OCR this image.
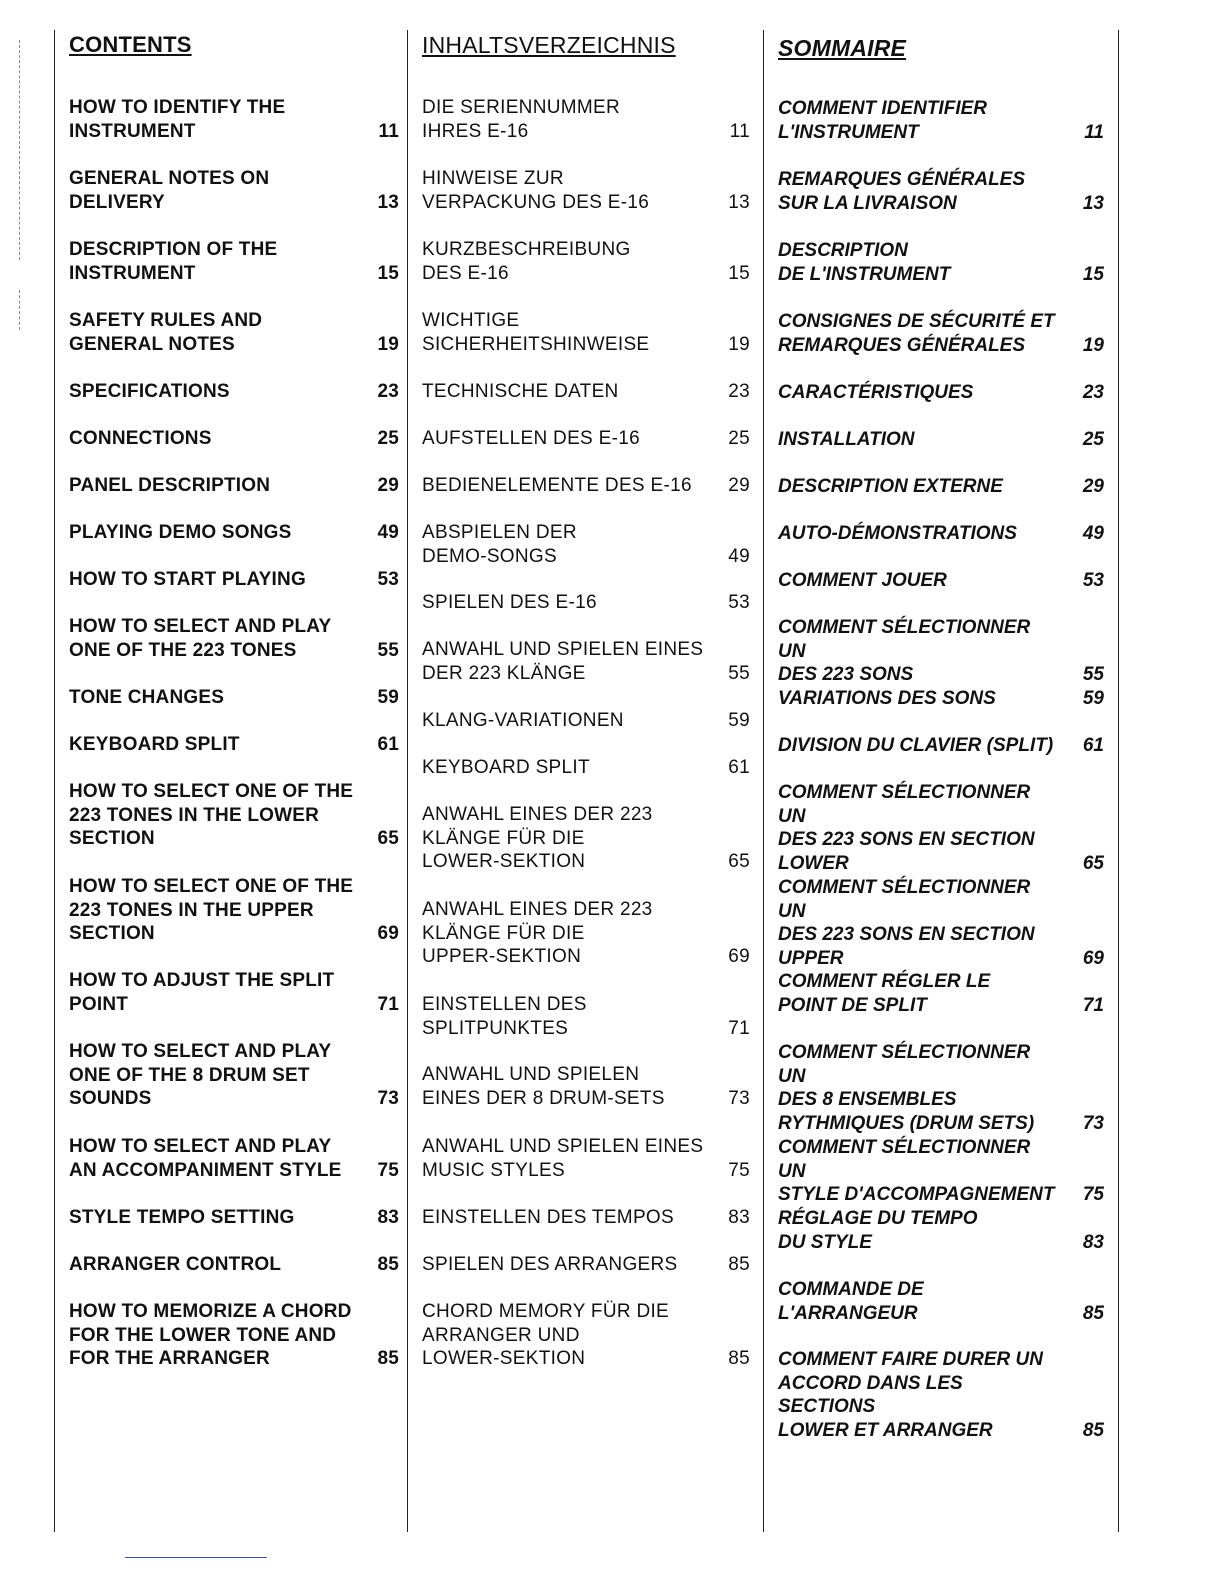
CONTENTS
HOW TO IDENTIFY THE
INSTRUMENT	11
GENERAL NOTES ON
DELIVERY	13
DESCRIPTION OF THE
INSTRUMENT	15
SAFETY RULES AND
GENERAL NOTES	19
SPECIFICATIONS	23
CONNECTIONS	25
PANEL DESCRIPTION	29
PLAYING DEMO SONGS	49
HOW TO START PLAYING	53
HOW TO SELECT AND PLAY
ONE OF THE 223 TONES	55
TONE CHANGES	59
KEYBOARD SPLIT	61
HOW TO SELECT ONE OF THE
223 TONES IN THE LOWER
SECTION	65
HOW TO SELECT ONE OF THE
223 TONES IN THE UPPER
SECTION	69
HOW TO ADJUST THE SPLIT
POINT	71
HOW TO SELECT AND PLAY
ONE OF THE 8 DRUM SET
SOUNDS	73
HOW TO SELECT AND PLAY
AN ACCOMPANIMENT STYLE	75
STYLE TEMPO SETTING	83
ARRANGER CONTROL	85
HOW TO MEMORIZE A CHORD
FOR THE LOWER TONE AND
FOR THE ARRANGER	85
INHALTSVERZEICHNIS
DIE SERIENNUMMER
IHRES E-16	11
HINWEISE ZUR
VERPACKUNG DES E-16	13
KURZBESCHREIBUNG
DES E-16	15
WICHTIGE
SICHERHEITSHINWEISE	19
TECHNISCHE DATEN	23
AUFSTELLEN DES E-16	25
BEDIENELEMENTE DES E-16	29
ABSPIELEN DER
DEMO-SONGS	49
SPIELEN DES E-16	53
ANWAHL UND SPIELEN EINES
DER 223 KLÄNGE	55
KLANG-VARIATIONEN	59
KEYBOARD SPLIT	61
ANWAHL EINES DER 223
KLÄNGE FÜR DIE
LOWER-SEKTION	65
ANWAHL EINES DER 223
KLÄNGE FÜR DIE
UPPER-SEKTION	69
EINSTELLEN DES
SPLITPUNKTES	71
ANWAHL UND SPIELEN
EINES DER 8 DRUM-SETS	73
ANWAHL UND SPIELEN EINES
MUSIC STYLES	75
EINSTELLEN DES TEMPOS	83
SPIELEN DES ARRANGERS	85
CHORD MEMORY FÜR DIE
ARRANGER UND
LOWER-SEKTION	85
SOMMAIRE
COMMENT IDENTIFIER
L'INSTRUMENT	11
REMARQUES GÉNÉRALES
SUR LA LIVRAISON	13
DESCRIPTION
DE L'INSTRUMENT	15
CONSIGNES DE SÉCURITÉ ET
REMARQUES GÉNÉRALES	19
CARACTÉRISTIQUES	23
INSTALLATION	25
DESCRIPTION EXTERNE	29
AUTO-DÉMONSTRATIONS	49
COMMENT JOUER	53
COMMENT SÉLECTIONNER UN
DES 223 SONS	55
VARIATIONS DES SONS	59
DIVISION DU CLAVIER (SPLIT)	61
COMMENT SÉLECTIONNER UN
DES 223 SONS EN SECTION
LOWER	65
COMMENT SÉLECTIONNER UN
DES 223 SONS EN SECTION
UPPER	69
COMMENT RÉGLER LE
POINT DE SPLIT	71
COMMENT SÉLECTIONNER UN
DES 8 ENSEMBLES
RYTHMIQUES (DRUM SETS)	73
COMMENT SÉLECTIONNER UN
STYLE D'ACCOMPAGNEMENT	75
RÉGLAGE DU TEMPO
DU STYLE	83
COMMANDE DE
L'ARRANGEUR	85
COMMENT FAIRE DURER UN
ACCORD DANS LES SECTIONS
LOWER ET ARRANGER	85
